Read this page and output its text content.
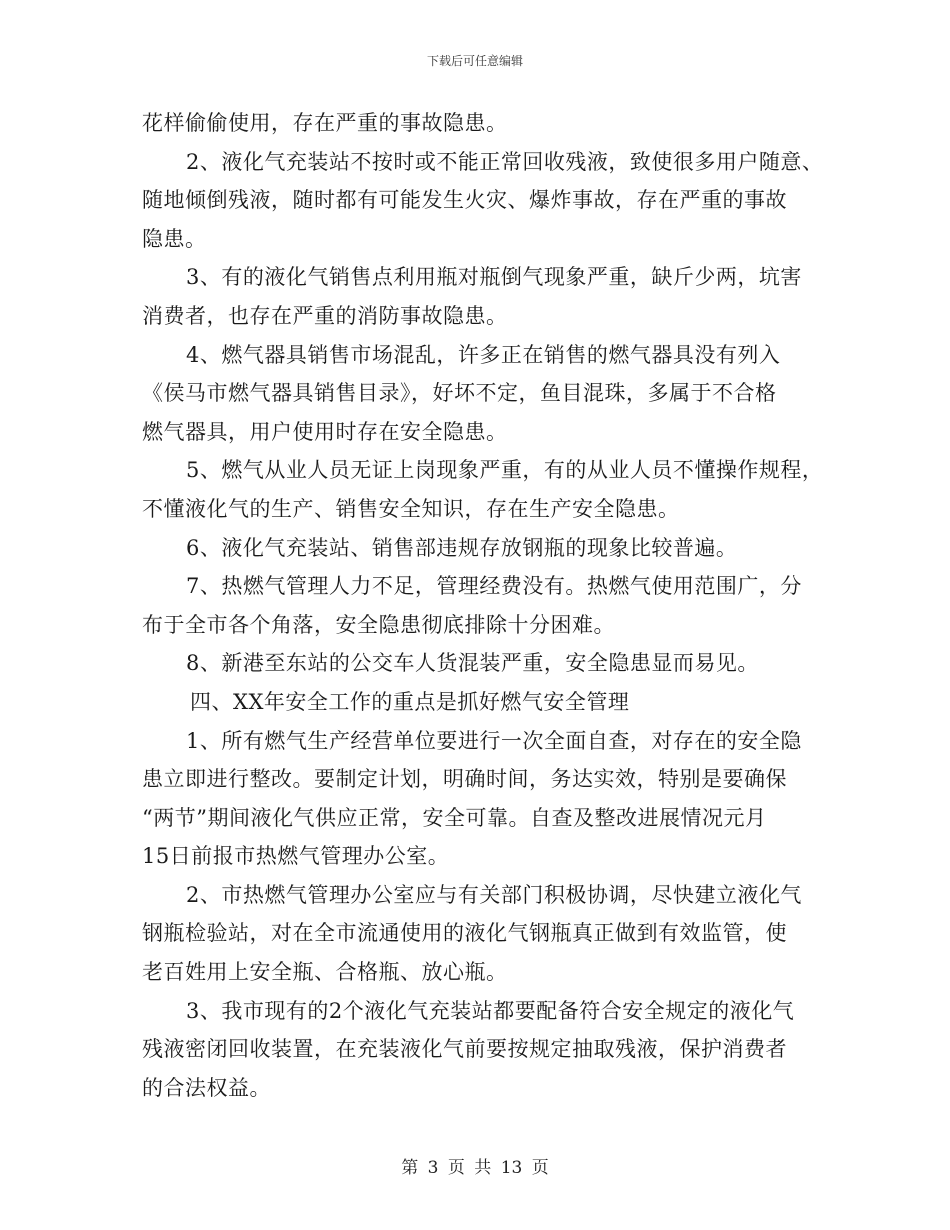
下载后可任意编辑
花样偷偷使用，存在严重的事故隐患。
2、液化气充装站不按时或不能正常回收残液，致使很多用户随意、
随地倾倒残液，随时都有可能发生火灾、爆炸事故，存在严重的事故
隐患。
3、有的液化气销售点利用瓶对瓶倒气现象严重，缺斤少两，坑害
消费者，也存在严重的消防事故隐患。
4、燃气器具销售市场混乱，许多正在销售的燃气器具没有列入
《侯马市燃气器具销售目录》，好坏不定，鱼目混珠，多属于不合格
燃气器具，用户使用时存在安全隐患。
5、燃气从业人员无证上岗现象严重，有的从业人员不懂操作规程，
不懂液化气的生产、销售安全知识，存在生产安全隐患。
6、液化气充装站、销售部违规存放钢瓶的现象比较普遍。
7、热燃气管理人力不足，管理经费没有。热燃气使用范围广，分
布于全市各个角落，安全隐患彻底排除十分困难。
8、新港至东站的公交车人货混装严重，安全隐患显而易见。
四、XX年安全工作的重点是抓好燃气安全管理
1、所有燃气生产经营单位要进行一次全面自查，对存在的安全隐
患立即进行整改。要制定计划，明确时间，务达实效，特别是要确保
“两节”期间液化气供应正常，安全可靠。自查及整改进展情况元月
15日前报市热燃气管理办公室。
2、市热燃气管理办公室应与有关部门积极协调，尽快建立液化气
钢瓶检验站，对在全市流通使用的液化气钢瓶真正做到有效监管，使
老百姓用上安全瓶、合格瓶、放心瓶。
3、我市现有的2个液化气充装站都要配备符合安全规定的液化气
残液密闭回收装置，在充装液化气前要按规定抽取残液，保护消费者
的合法权益。
第 3 页 共 13 页
